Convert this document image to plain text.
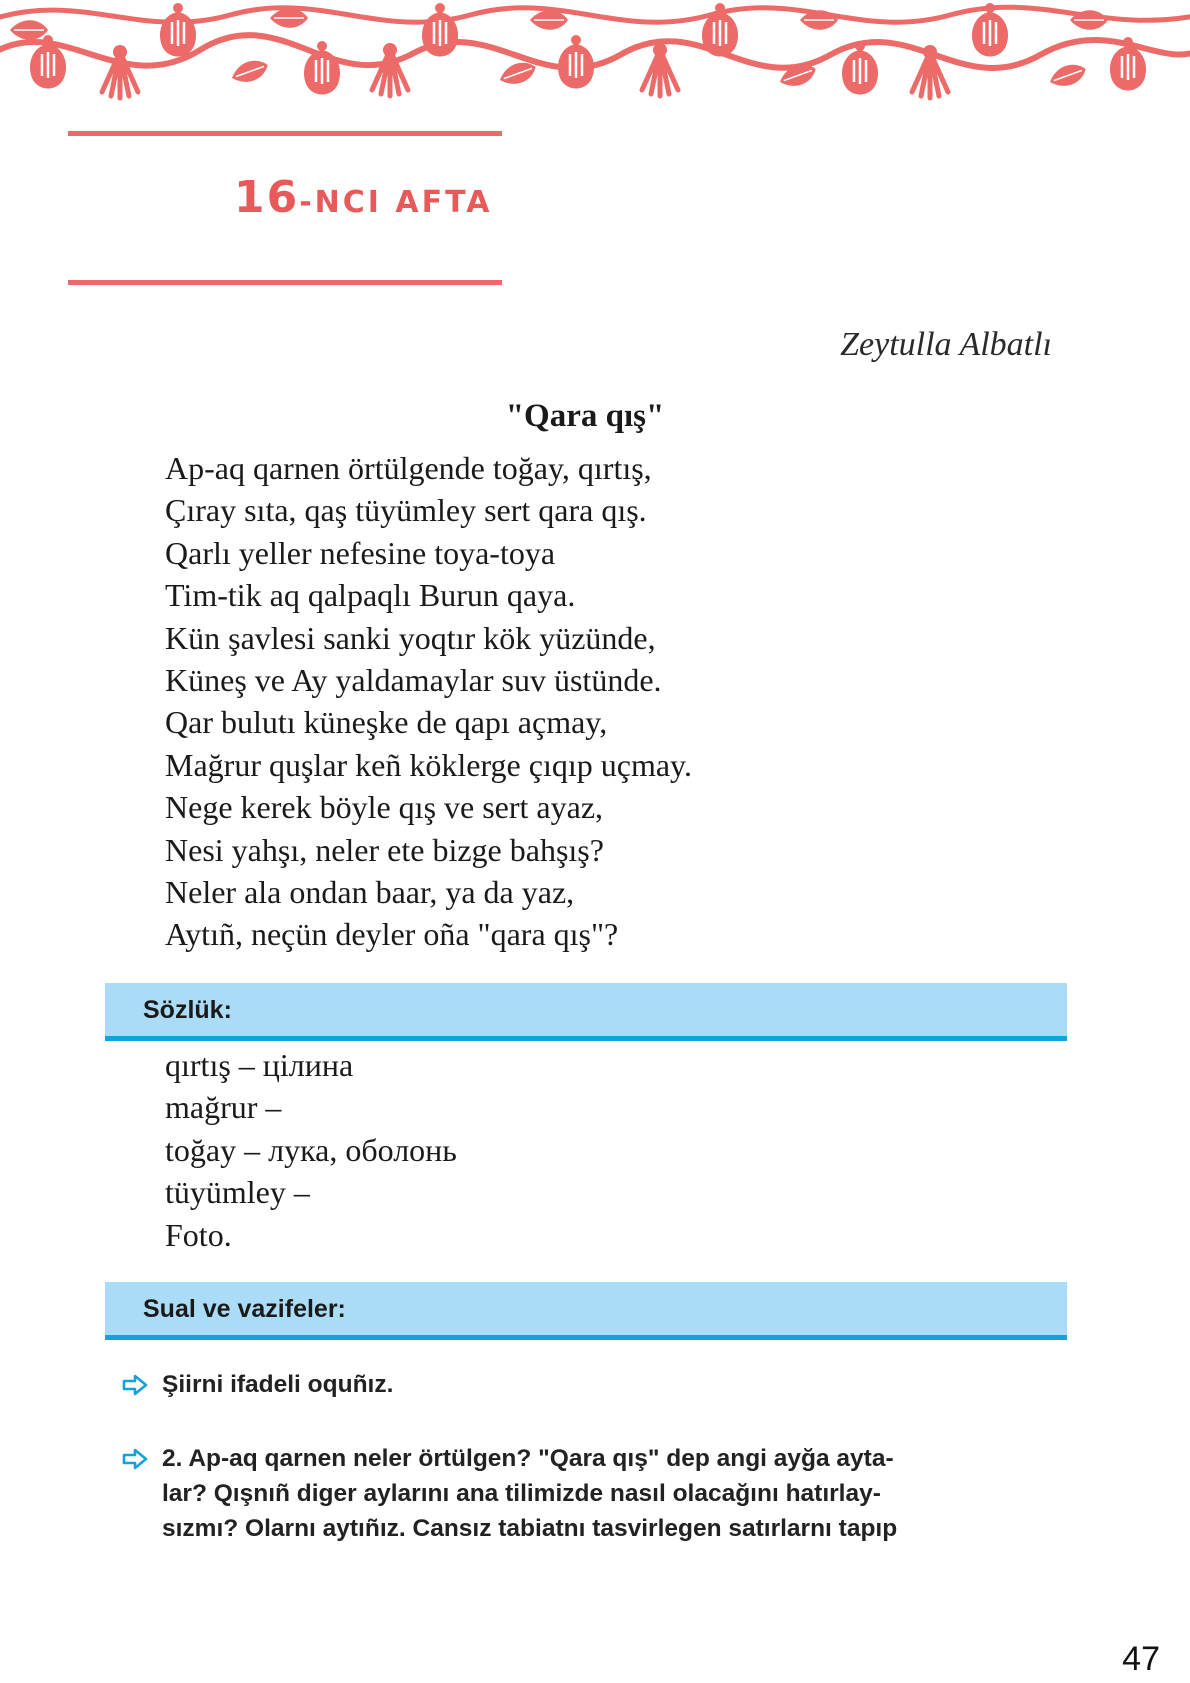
16-NCI AFTA
Zeytulla Albatlı
"Qara qış"
Ap-aq qarnen örtülgende toğay, qırtış,
Çıray sıta, qaş tüyümley sert qara qış.
Qarlı yeller nefesine toya-toya
Tim-tik aq qalpaqlı Burun qaya.
Kün şavlesi sanki yoqtır kök yüzünde,
Küneş ve Ay yaldamaylar suv üstünde.
Qar bulutı küneşke de qapı açmay,
Mağrur quşlar keñ köklerge çıqıp uçmay.
Nege kerek böyle qış ve sert ayaz,
Nesi yahşı, neler ete bizge bahşış?
Neler ala ondan baar, ya da yaz,
Aytıñ, neçün deyler oña "qara qış"?
Sözlük:
qırtış – цілина
mağrur –
toğay – лука, оболонь
tüyümley –
Foto.
Sual ve vazifeler:
Şiirni ifadeli oquñız.
2. Ap-aq qarnen neler örtülgen? "Qara qış" dep angi ayğa ayta-
lar? Qışnıñ diger aylarını ana tilimizde nasıl olacağını hatırlay-
sızmı? Olarnı aytıñız. Cansız tabiatnı tasvirlegen satırlarnı tapıp
47
